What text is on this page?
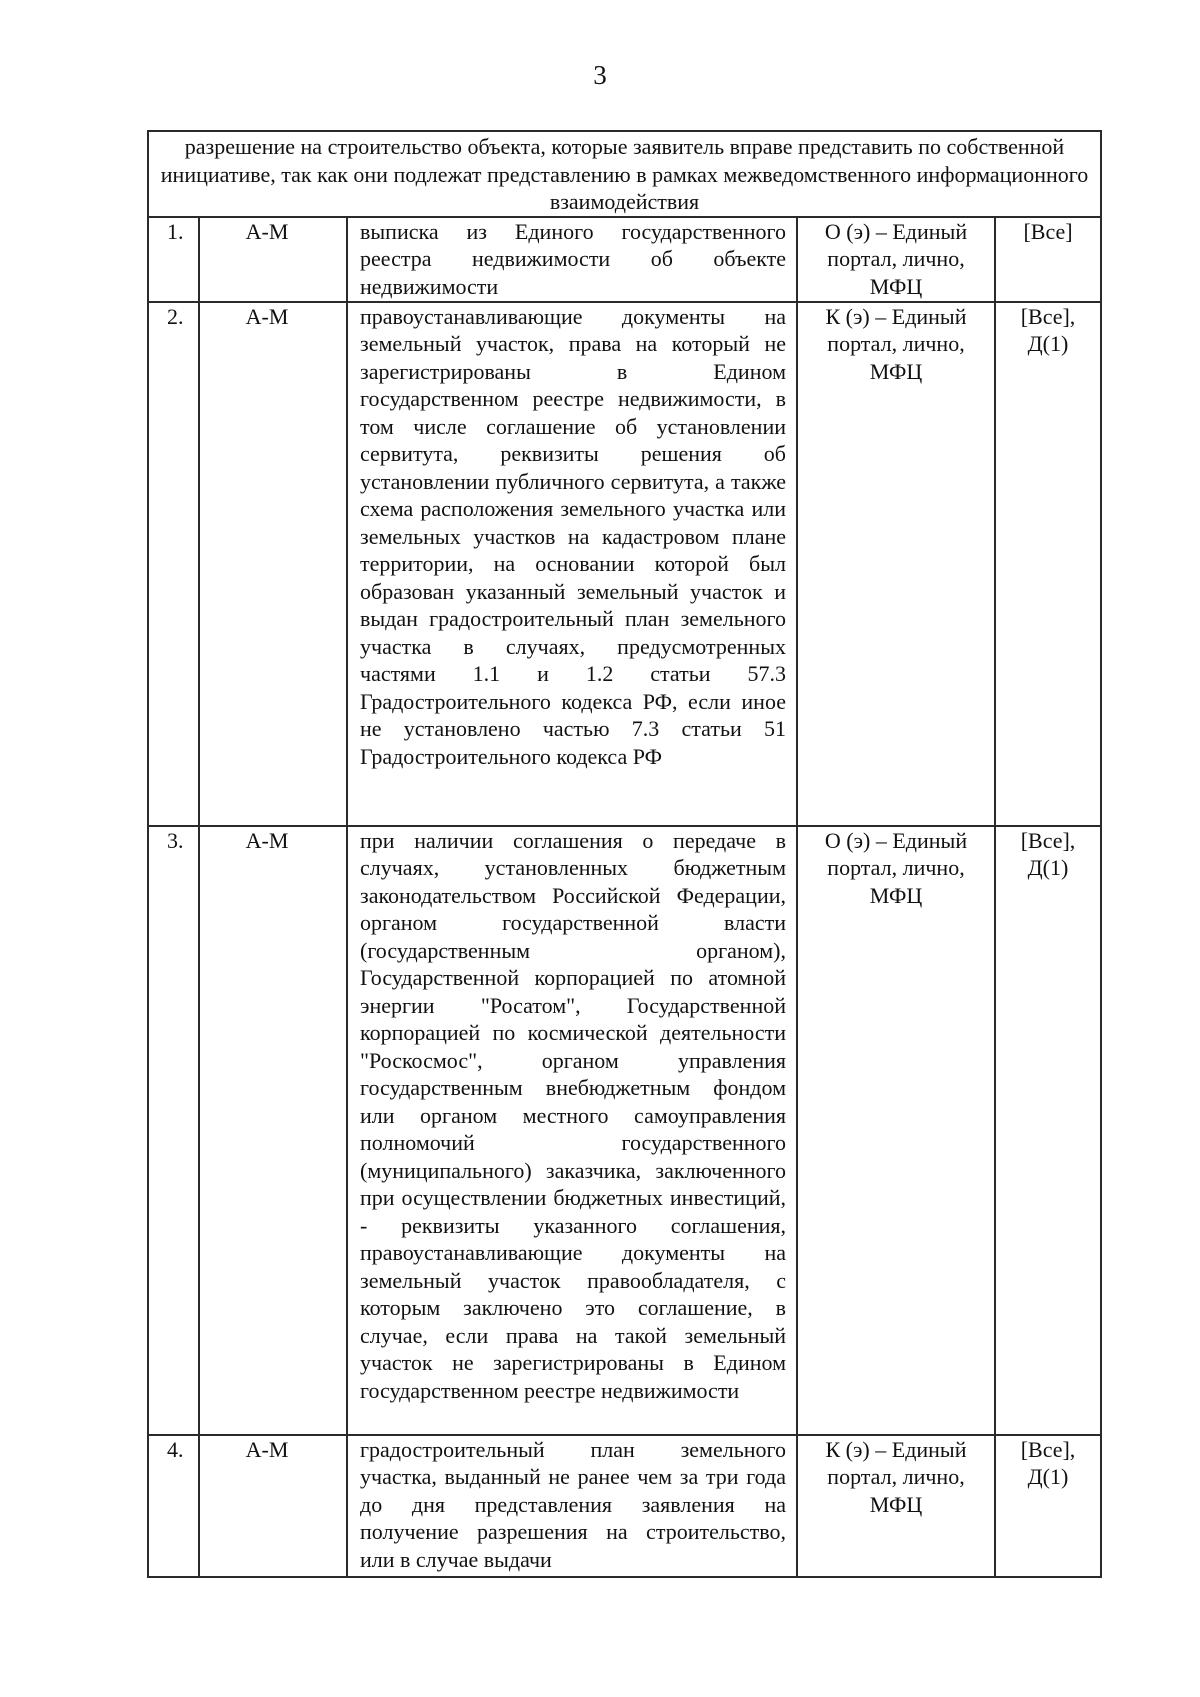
3
разрешение на строительство объекта, которые заявитель вправе представить по собственной инициативе, так как они подлежат представлению в рамках межведомственного информационного взаимодействия				
1.	А-М	выписка из Единого государственного реестра недвижимости об объекте недвижимости	О (э) – Единый портал, лично, МФЦ	[Все]
2.	А-М	правоустанавливающие документы на земельный участок, права на который не зарегистрированы в Едином государственном реестре недвижимости, в том числе соглашение об установлении сервитута, реквизиты решения об установлении публичного сервитута, а также схема расположения земельного участка или земельных участков на кадастровом плане территории, на основании которой был образован указанный земельный участок и выдан градостроительный план земельного участка в случаях, предусмотренных частями 1.1 и 1.2 статьи 57.3 Градостроительного кодекса РФ, если иное не установлено частью 7.3 статьи 51 Градостроительного кодекса РФ	К (э) – Единый портал, лично, МФЦ	[Все], Д(1)
3.	А-М	при наличии соглашения о передаче в случаях, установленных бюджетным законодательством Российской Федерации, органом государственной власти (государственным органом), Государственной корпорацией по атомной энергии "Росатом", Государственной корпорацией по космической деятельности "Роскосмос", органом управления государственным внебюджетным фондом или органом местного самоуправления полномочий государственного (муниципального) заказчика, заключенного при осуществлении бюджетных инвестиций, - реквизиты указанного соглашения, правоустанавливающие документы на земельный участок правообладателя, с которым заключено это соглашение, в случае, если права на такой земельный участок не зарегистрированы в Едином государственном реестре недвижимости	О (э) – Единый портал, лично, МФЦ	[Все], Д(1)
4.	А-М	градостроительный план земельного участка, выданный не ранее чем за три года до дня представления заявления на получение разрешения на строительство, или в случае выдачи	К (э) – Единый портал, лично, МФЦ	[Все], Д(1)
